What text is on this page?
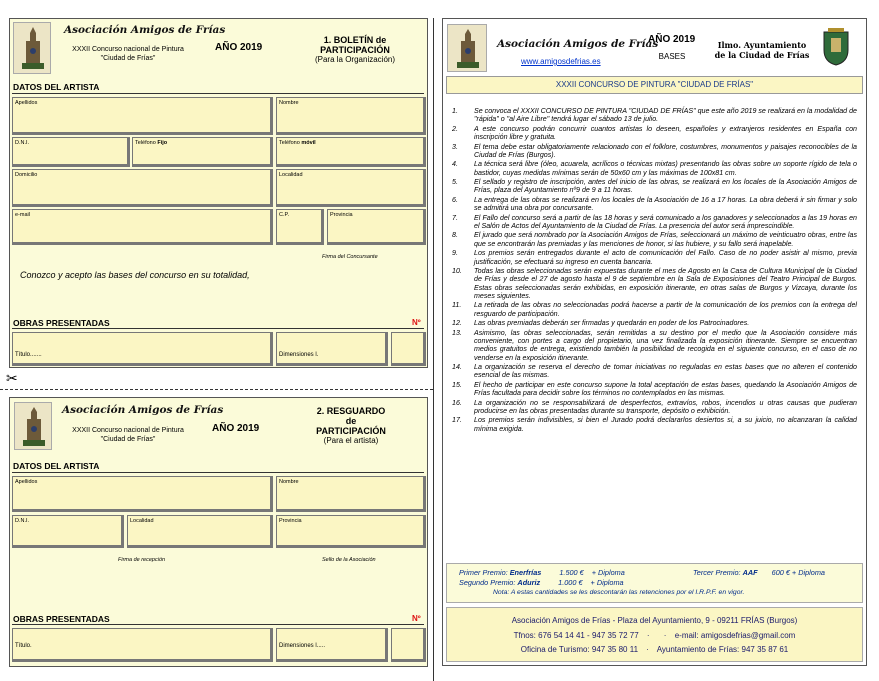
Asociación Amigos de Frías
XXXII Concurso nacional de Pintura
"Ciudad de Frías"
AÑO 2019
1. BOLETÍN de
PARTICIPACIÓN
(Para la Organización)
DATOS DEL ARTISTA
Apellidos	Nombre
D.N.I.	Teléfono Fijo	Teléfono móvil
Domicilio	Localidad
e-mail	C.P.	Provincia
Firma del Concursante
Conozco y acepto las bases del concurso en su totalidad,
OBRAS PRESENTADAS	Nº
Título.......	Dimensiones l.
✂
Asociación Amigos de Frías
XXXII Concurso nacional de Pintura
"Ciudad de Frías"
AÑO 2019
2. RESGUARDO
de
PARTICIPACIÓN
(Para el artista)
DATOS DEL ARTISTA
Apellidos	Nombre
D.N.I.	Localidad	Provincia
Firma de recepción	Sello de la Asociación
OBRAS PRESENTADAS	Nº
Título.	Dimensiones l.....
Asociación Amigos de Frías
www.amigosdefrias.es
AÑO 2019
BASES
Ilmo. Ayuntamiento
de la Ciudad de Frías
XXXII CONCURSO DE PINTURA "CIUDAD DE FRÍAS"
1.	Se convoca el XXXII CONCURSO DE PINTURA "CIUDAD DE FRÍAS" que este año 2019 se realizará en la modalidad de "rápida" o "al Aire Libre" tendrá lugar el sábado 13 de julio.
2.	A este concurso podrán concurrir cuantos artistas lo deseen, españoles y extranjeros residentes en España con inscripción libre y gratuita.
3.	El tema debe estar obligatoriamente relacionado con el folklore, costumbres, monumentos y paisajes reconocibles de la Ciudad de Frías (Burgos).
4.	La técnica será libre (óleo, acuarela, acrílicos o técnicas mixtas) presentando las obras sobre un soporte rígido de tela o bastidor, cuyas medidas mínimas serán de 50x60 cm y las máximas de 100x81 cm.
5.	El sellado y registro de inscripción, antes del inicio de las obras, se realizará en los locales de la Asociación Amigos de Frías, plaza del Ayuntamiento nº9 de 9 a 11 horas.
6.	La entrega de las obras se realizará en los locales de la Asociación de 16 a 17 horas. La obra deberá ir sin firmar y solo se admitirá una obra por concursante.
7.	El Fallo del concurso será a partir de las 18 horas y será comunicado a los ganadores y seleccionados a las 19 horas en el Salón de Actos del Ayuntamiento de la Ciudad de Frías. La presencia del autor será imprescindible.
8.	El jurado que será nombrado por la Asociación Amigos de Frías, seleccionará un máximo de veinticuatro obras, entre las que se encontrarán las premiadas y las menciones de honor, si las hubiere, y su fallo será inapelable.
9.	Los premios serán entregados durante el acto de comunicación del Fallo. Caso de no poder asistir al mismo, previa justificación, se efectuará su ingreso en cuenta bancaria.
10.	Todas las obras seleccionadas serán expuestas durante el mes de Agosto en la Casa de Cultura Municipal de la Ciudad de Frías y desde el 27 de agosto hasta el 9 de septiembre en la Sala de Exposiciones del Teatro Principal de Burgos. Estas obras seleccionadas serán exhibidas, en exposición itinerante, en otras salas de Burgos y Vizcaya, durante los meses siguientes.
11.	La retirada de las obras no seleccionadas podrá hacerse a partir de la comunicación de los premios con la entrega del resguardo de participación.
12.	Las obras premiadas deberán ser firmadas y quedarán en poder de los Patrocinadores.
13.	Asimismo, las obras seleccionadas, serán remitidas a su destino por el medio que la Asociación considere más conveniente, con portes a cargo del propietario, una vez finalizada la exposición itinerante. Siempre se encuentran medios gratuitos de entrega, existiendo también la posibilidad de recogida en el siguiente concurso, en el caso de no venderse en la exposición itinerante.
14.	La organización se reserva el derecho de tomar iniciativas no reguladas en estas bases que no alteren el contenido esencial de las mismas.
15.	El hecho de participar en este concurso supone la total aceptación de estas bases, quedando la Asociación Amigos de Frías facultada para decidir sobre los términos no contemplados en las mismas.
16.	La organización no se responsabilizará de desperfectos, extravíos, robos, incendios u otras causas que pudieran producirse en las obras presentadas durante su transporte, depósito o exhibición.
17.	Los premios serán indivisibles, si bien el Jurado podrá declararlos desiertos si, a su juicio, no alcanzaran la calidad mínima exigida.
Primer Premio: Enerfrías 1.500 € + Diploma	Tercer Premio: AAF 600 € + Diploma
Segundo Premio: Aduriz 1.000 € + Diploma
Nota: A estas cantidades se les descontarán las retenciones por el I.R.P.F. en vigor.
Asociación Amigos de Frías - Plaza del Ayuntamiento, 9 - 09211 FRÍAS (Burgos)
Tfnos: 676 54 14 41 - 947 35 72 77 · · e-mail: amigosdefrias@gmail.com
Oficina de Turismo: 947 35 80 11 · Ayuntamiento de Frías: 947 35 87 61
